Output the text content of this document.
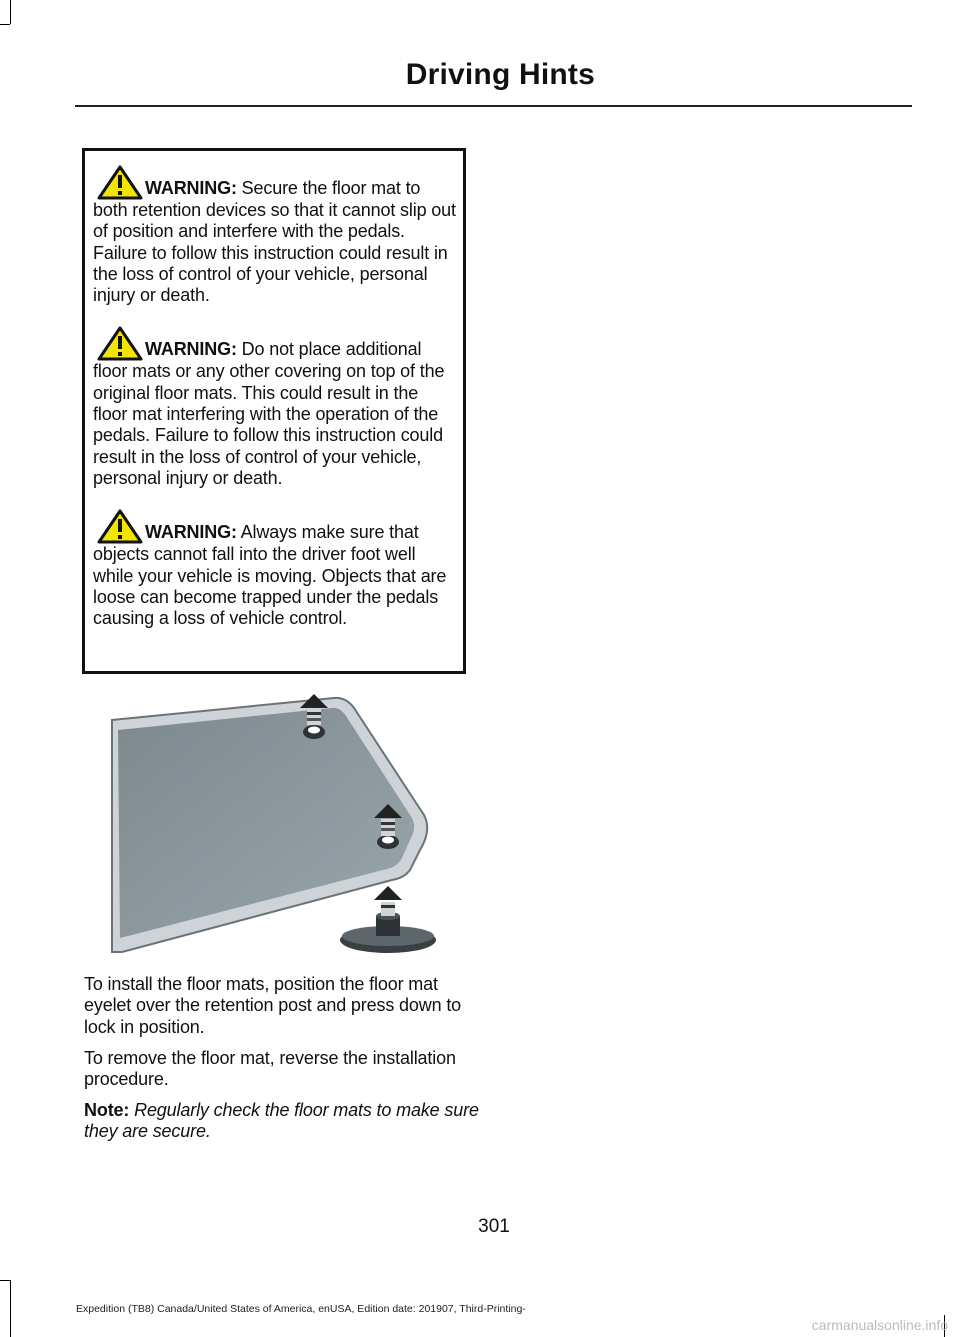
Driving Hints
WARNING: Secure the floor mat to both retention devices so that it cannot slip out of position and interfere with the pedals. Failure to follow this instruction could result in the loss of control of your vehicle, personal injury or death.
WARNING: Do not place additional floor mats or any other covering on top of the original floor mats. This could result in the floor mat interfering with the operation of the pedals. Failure to follow this instruction could result in the loss of control of your vehicle, personal injury or death.
WARNING: Always make sure that objects cannot fall into the driver foot well while your vehicle is moving. Objects that are loose can become trapped under the pedals causing a loss of vehicle control.

To install the floor mats, position the floor mat eyelet over the retention post and press down to lock in position.

To remove the floor mat, reverse the installation procedure.

Note: Regularly check the floor mats to make sure they are secure.

301
Expedition (TB8) Canada/United States of America, enUSA, Edition date: 201907, Third-Printing-
carmanualsonline.info
